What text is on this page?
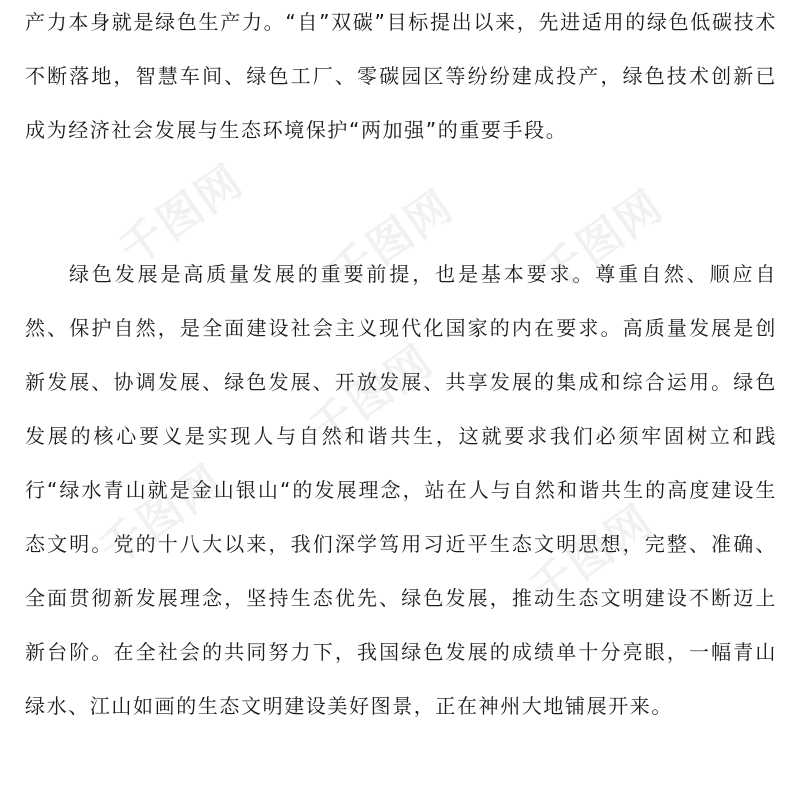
产力本身就是绿色生产力。“自”双碳”目标提出以来，先进适用的绿色低碳技术不断落地，智慧车间、绿色工厂、零碳园区等纷纷建成投产，绿色技术创新已成为经济社会发展与生态环境保护“两加强”的重要手段。

绿色发展是高质量发展的重要前提，也是基本要求。尊重自然、顺应自然、保护自然，是全面建设社会主义现代化国家的内在要求。高质量发展是创新发展、协调发展、绿色发展、开放发展、共享发展的集成和综合运用。绿色发展的核心要义是实现人与自然和谐共生，这就要求我们必须牢固树立和践行“绿水青山就是金山银山“的发展理念，站在人与自然和谐共生的高度建设生态文明。党的十八大以来，我们深学笃用习近平生态文明思想，完整、准确、全面贯彻新发展理念，坚持生态优先、绿色发展，推动生态文明建设不断迈上新台阶。在全社会的共同努力下，我国绿色发展的成绩单十分亮眼，一幅青山绿水、江山如画的生态文明建设美好图景，正在神州大地铺展开来。

千图网 千图网 千图网
千图网
千图网
千图网
